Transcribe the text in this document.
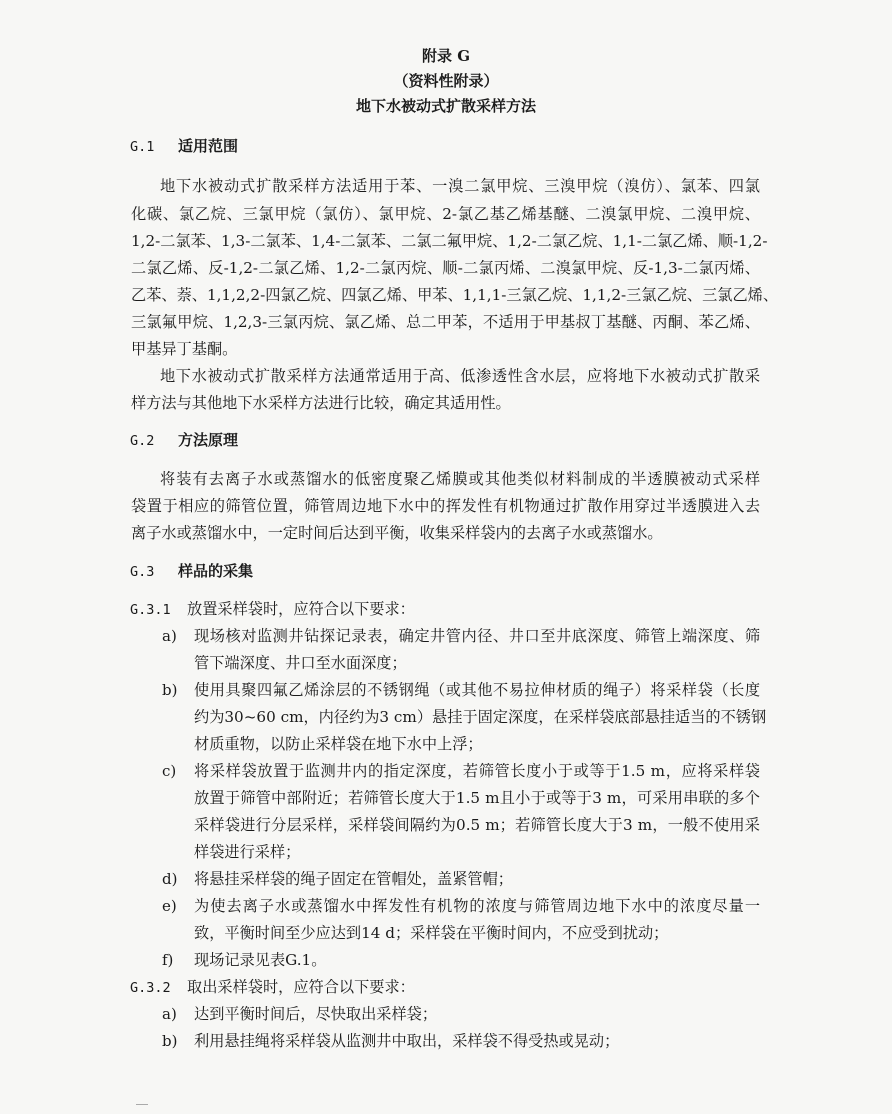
附录 G
（资料性附录）
地下水被动式扩散采样方法
G.1 适用范围
地下水被动式扩散采样方法适用于苯、一溴二氯甲烷、三溴甲烷（溴仿）、氯苯、四氯
化碳、氯乙烷、三氯甲烷（氯仿）、氯甲烷、2-氯乙基乙烯基醚、二溴氯甲烷、二溴甲烷、
1,2-二氯苯、1,3-二氯苯、1,4-二氯苯、二氯二氟甲烷、1,2-二氯乙烷、1,1-二氯乙烯、顺-1,2-
二氯乙烯、反-1,2-二氯乙烯、1,2-二氯丙烷、顺-二氯丙烯、二溴氯甲烷、反-1,3-二氯丙烯、
乙苯、萘、1,1,2,2-四氯乙烷、四氯乙烯、甲苯、1,1,1-三氯乙烷、1,1,2-三氯乙烷、三氯乙烯、
三氯氟甲烷、1,2,3-三氯丙烷、氯乙烯、总二甲苯，不适用于甲基叔丁基醚、丙酮、苯乙烯、
甲基异丁基酮。
地下水被动式扩散采样方法通常适用于高、低渗透性含水层，应将地下水被动式扩散采
样方法与其他地下水采样方法进行比较，确定其适用性。
G.2 方法原理
将装有去离子水或蒸馏水的低密度聚乙烯膜或其他类似材料制成的半透膜被动式采样
袋置于相应的筛管位置，筛管周边地下水中的挥发性有机物通过扩散作用穿过半透膜进入去
离子水或蒸馏水中，一定时间后达到平衡，收集采样袋内的去离子水或蒸馏水。
G.3 样品的采集
G.3.1 放置采样袋时，应符合以下要求：
a) 现场核对监测井钻探记录表，确定井管内径、井口至井底深度、筛管上端深度、筛
管下端深度、井口至水面深度；
b) 使用具聚四氟乙烯涂层的不锈钢绳（或其他不易拉伸材质的绳子）将采样袋（长度
约为30~60 cm，内径约为3 cm）悬挂于固定深度，在采样袋底部悬挂适当的不锈钢
材质重物，以防止采样袋在地下水中上浮；
c) 将采样袋放置于监测井内的指定深度，若筛管长度小于或等于1.5 m，应将采样袋
放置于筛管中部附近；若筛管长度大于1.5 m且小于或等于3 m，可采用串联的多个
采样袋进行分层采样，采样袋间隔约为0.5 m；若筛管长度大于3 m，一般不使用采
样袋进行采样；
d) 将悬挂采样袋的绳子固定在管帽处，盖紧管帽；
e) 为使去离子水或蒸馏水中挥发性有机物的浓度与筛管周边地下水中的浓度尽量一
致，平衡时间至少应达到14 d；采样袋在平衡时间内，不应受到扰动；
f) 现场记录见表G.1。
G.3.2 取出采样袋时，应符合以下要求：
a) 达到平衡时间后，尽快取出采样袋；
b) 利用悬挂绳将采样袋从监测井中取出，采样袋不得受热或晃动；
